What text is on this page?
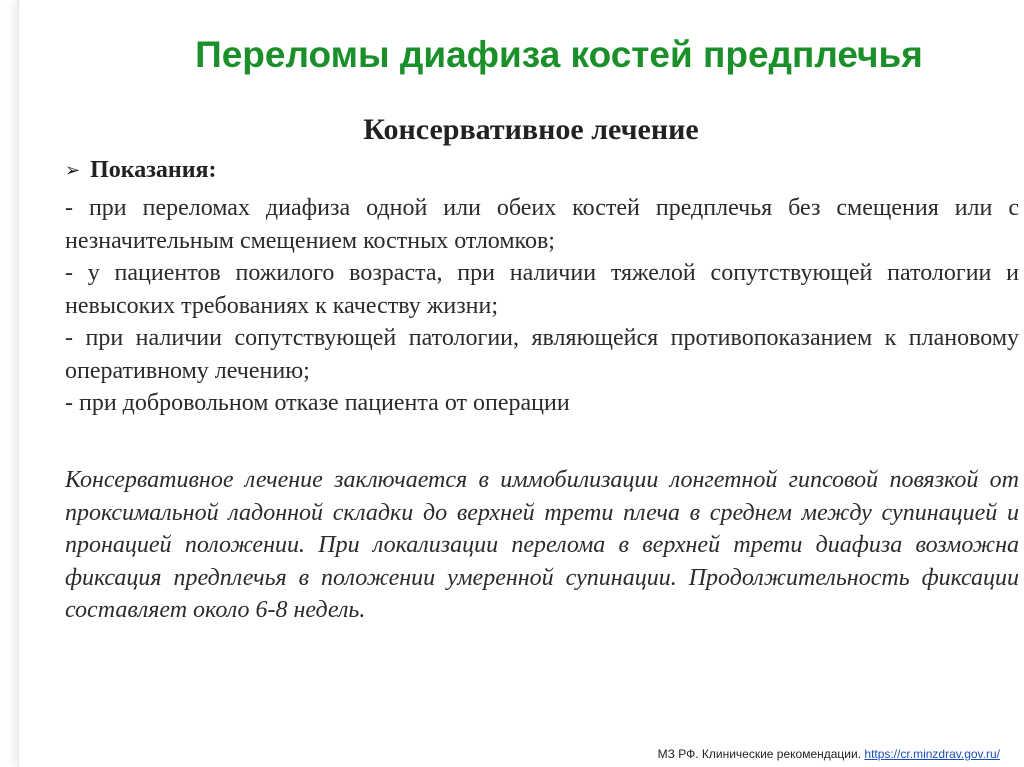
Переломы диафиза костей предплечья
Консервативное лечение
➢ Показания:
- при переломах диафиза одной или обеих костей предплечья без смещения или с незначительным смещением костных отломков;
- у пациентов пожилого возраста, при наличии тяжелой сопутствующей патологии и невысоких требованиях к качеству жизни;
- при наличии сопутствующей патологии, являющейся противопоказанием к плановому оперативному лечению;
- при добровольном отказе пациента от операции
Консервативное лечение заключается в иммобилизации лонгетной гипсовой повязкой от проксимальной ладонной складки до верхней трети плеча в среднем между супинацией и пронацией положении. При локализации перелома в верхней трети диафиза возможна фиксация предплечья в положении умеренной супинации. Продолжительность фиксации составляет около 6-8 недель.
МЗ РФ. Клинические рекомендации. https://cr.minzdrav.gov.ru/
